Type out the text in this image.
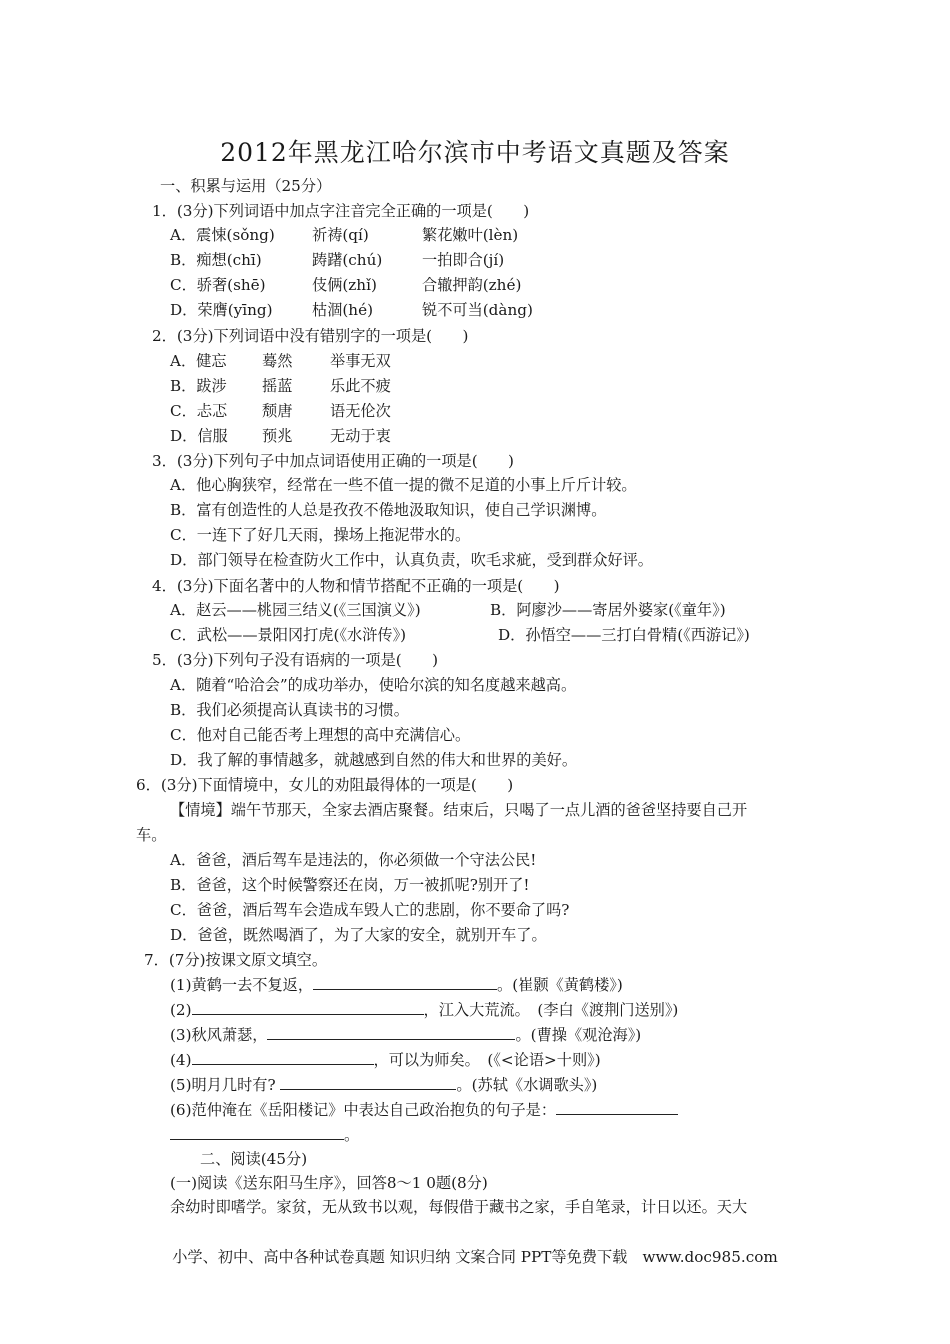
2012年黑龙江哈尔滨市中考语文真题及答案
一、积累与运用（25分）
1．(3分)下列词语中加点字注音完全正确的一项是(　　)
A．震悚(sǒng) 祈祷(qí)	繁花嫩叶(lèn)
B．痴想(chī)	踌躇(chú)	一拍即合(jí)
C．骄奢(shē)	伎俩(zhǐ)	合辙押韵(zhé)
D．荣膺(yīng)	枯涸(hé)	锐不可当(dàng)
2．(3分)下列词语中没有错别字的一项是(　　)
A．健忘 蓦然 举事无双
B．跋涉 摇蓝 乐此不疲
C．忐忑 颓唐 语无伦次
D．信服 预兆 无动于衷
3．(3分)下列句子中加点词语使用正确的一项是(　　)
A．他心胸狭窄，经常在一些不值一提的微不足道的小事上斤斤计较。
B．富有创造性的人总是孜孜不倦地汲取知识，使自己学识渊博。
C．一连下了好几天雨，操场上拖泥带水的。
D．部门领导在检查防火工作中，认真负责，吹毛求疵，受到群众好评。
4．(3分)下面名著中的人物和情节搭配不正确的一项是(　　)
A．赵云——桃园三结义(《三国演义》)	B．阿廖沙——寄居外婆家(《童年》)
C．武松——景阳冈打虎(《水浒传》)	D．孙悟空——三打白骨精(《西游记》)
5．(3分)下列句子没有语病的一项是(　　)
A．随着“哈洽会”的成功举办，使哈尔滨的知名度越来越高。
B．我们必须提高认真读书的习惯。
C．他对自己能否考上理想的高中充满信心。
D．我了解的事情越多，就越感到自然的伟大和世界的美好。
6．(3分)下面情境中，女儿的劝阻最得体的一项是(　　)
【情境】端午节那天，全家去酒店聚餐。结束后，只喝了一点儿酒的爸爸坚持要自己开
车。
A．爸爸，酒后驾车是违法的，你必须做一个守法公民!
B．爸爸，这个时候警察还在岗，万一被抓呢?别开了!
C．爸爸，酒后驾车会造成车毁人亡的悲剧，你不要命了吗?
D．爸爸，既然喝酒了，为了大家的安全，就别开车了。
7．(7分)按课文原文填空。
(1)黄鹤一去不复返，	。(崔颢《黄鹤楼》)
(2)	，江入大荒流。　(李白《渡荆门送别》)
(3)秋风萧瑟，	。(曹操《观沧海》)
(4)	，可以为师矣。　(《<论语>十则》)
(5)明月几时有?	。(苏轼《水调歌头》)
(6)范仲淹在《岳阳楼记》中表达自己政治抱负的句子是：
。
二、阅读(45分)
(一)阅读《送东阳马生序》，回答8～1 0题(8分)
余幼时即嗜学。家贫，无从致书以观，每假借于藏书之家，手自笔录，计日以还。天大
小学、初中、高中各种试卷真题 知识归纳 文案合同 PPT等免费下载　www.doc985.com
